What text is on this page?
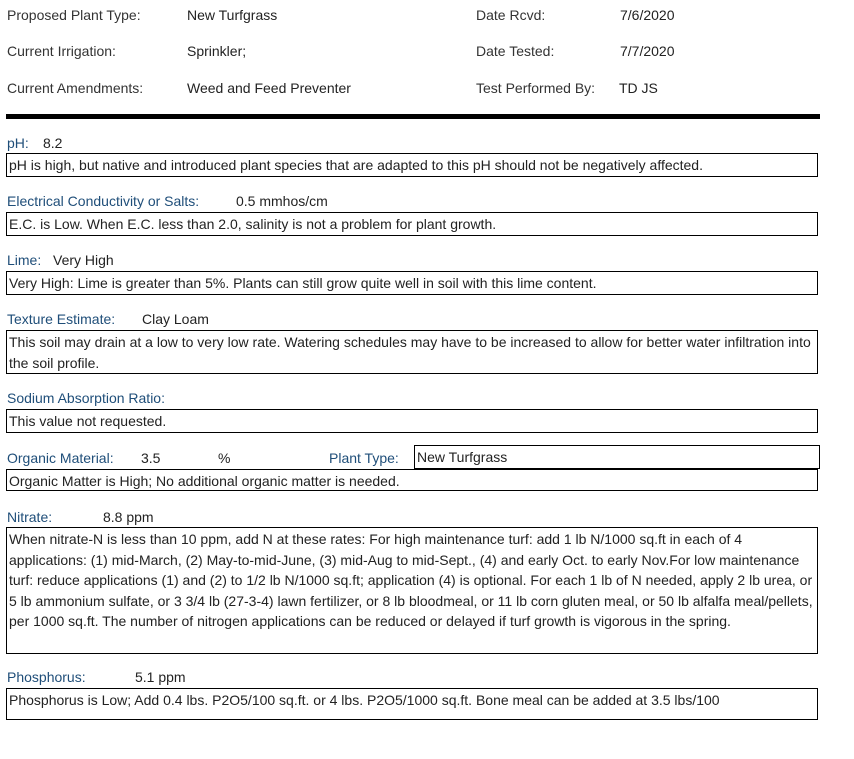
Proposed Plant Type:	New Turfgrass	Date Rcvd:	7/6/2020
Current Irrigation:	Sprinkler;	Date Tested:	7/7/2020
Current Amendments:	Weed and Feed Preventer	Test Performed By: TD JS
pH: 8.2
pH is high, but native and introduced plant species that are adapted to this pH should not be negatively affected.
Electrical Conductivity or Salts:	0.5 mmhos/cm
E.C. is Low. When E.C. less than 2.0, salinity is not a problem for plant growth.
Lime: Very High
Very High: Lime is greater than 5%. Plants can still grow quite well in soil with this lime content.
Texture Estimate: Clay Loam
This soil may drain at a low to very low rate. Watering schedules may have to be increased to allow for better water infiltration into the soil profile.
Sodium Absorption Ratio:
This value not requested.
Organic Material: 3.5	%	Plant Type: New Turfgrass
Organic Matter is High; No additional organic matter is needed.
Nitrate:	8.8 ppm
When nitrate-N is less than 10 ppm, add N at these rates: For high maintenance turf: add 1 lb N/1000 sq.ft in each of 4 applications: (1) mid-March, (2) May-to-mid-June, (3) mid-Aug to mid-Sept., (4) and early Oct. to early Nov.For low maintenance turf: reduce applications (1) and (2) to 1/2 lb N/1000 sq.ft; application (4) is optional. For each 1 lb of N needed, apply 2 lb urea, or 5 lb ammonium sulfate, or 3 3/4 lb (27-3-4) lawn fertilizer, or 8 lb bloodmeal, or 11 lb corn gluten meal, or 50 lb alfalfa meal/pellets, per 1000 sq.ft. The number of nitrogen applications can be reduced or delayed if turf growth is vigorous in the spring.
Phosphorus:	5.1 ppm
Phosphorus is Low; Add 0.4 lbs. P2O5/100 sq.ft. or 4 lbs. P2O5/1000 sq.ft. Bone meal can be added at 3.5 lbs/100
